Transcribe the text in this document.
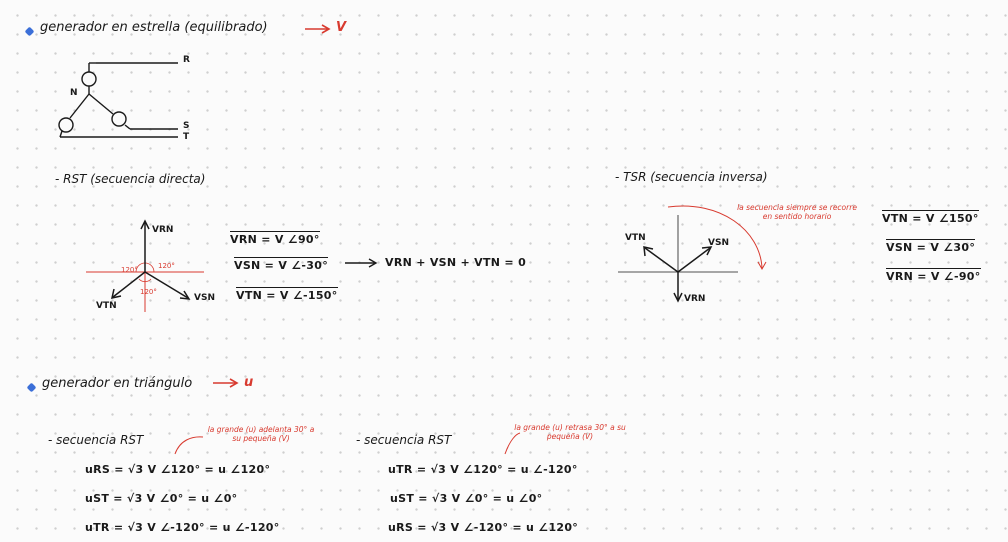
generador en estrella (equilibrado)	V
N
R
S
T
- RST (secuencia directa)
VRN
VSN
VTN
120°	120°
120°
VRN = V ∠90°
VSN = V ∠-30°
VTN = V ∠-150°
VRN + VSN + VTN = 0
- TSR (secuencia inversa)
VTN	VSN
VRN
la secuencia siempre se recorre en sentido horario	VTN = V ∠150°
VSN = V ∠30°
VRN = V ∠-90°
generador en triángulo	u
- secuencia RST
la grande (u) adelanta 30° a su pequeña (V)
uRS = √3 V ∠120° = u ∠120°
uST = √3 V ∠0° = u ∠0°
uTR = √3 V ∠-120° = u ∠-120°
- secuencia RST
la grande (u) retrasa 30° a su pequeña (V)
uTR = √3 V ∠120° = u ∠-120°
uST = √3 V ∠0° = u ∠0°
uRS = √3 V ∠-120° = u ∠120°
